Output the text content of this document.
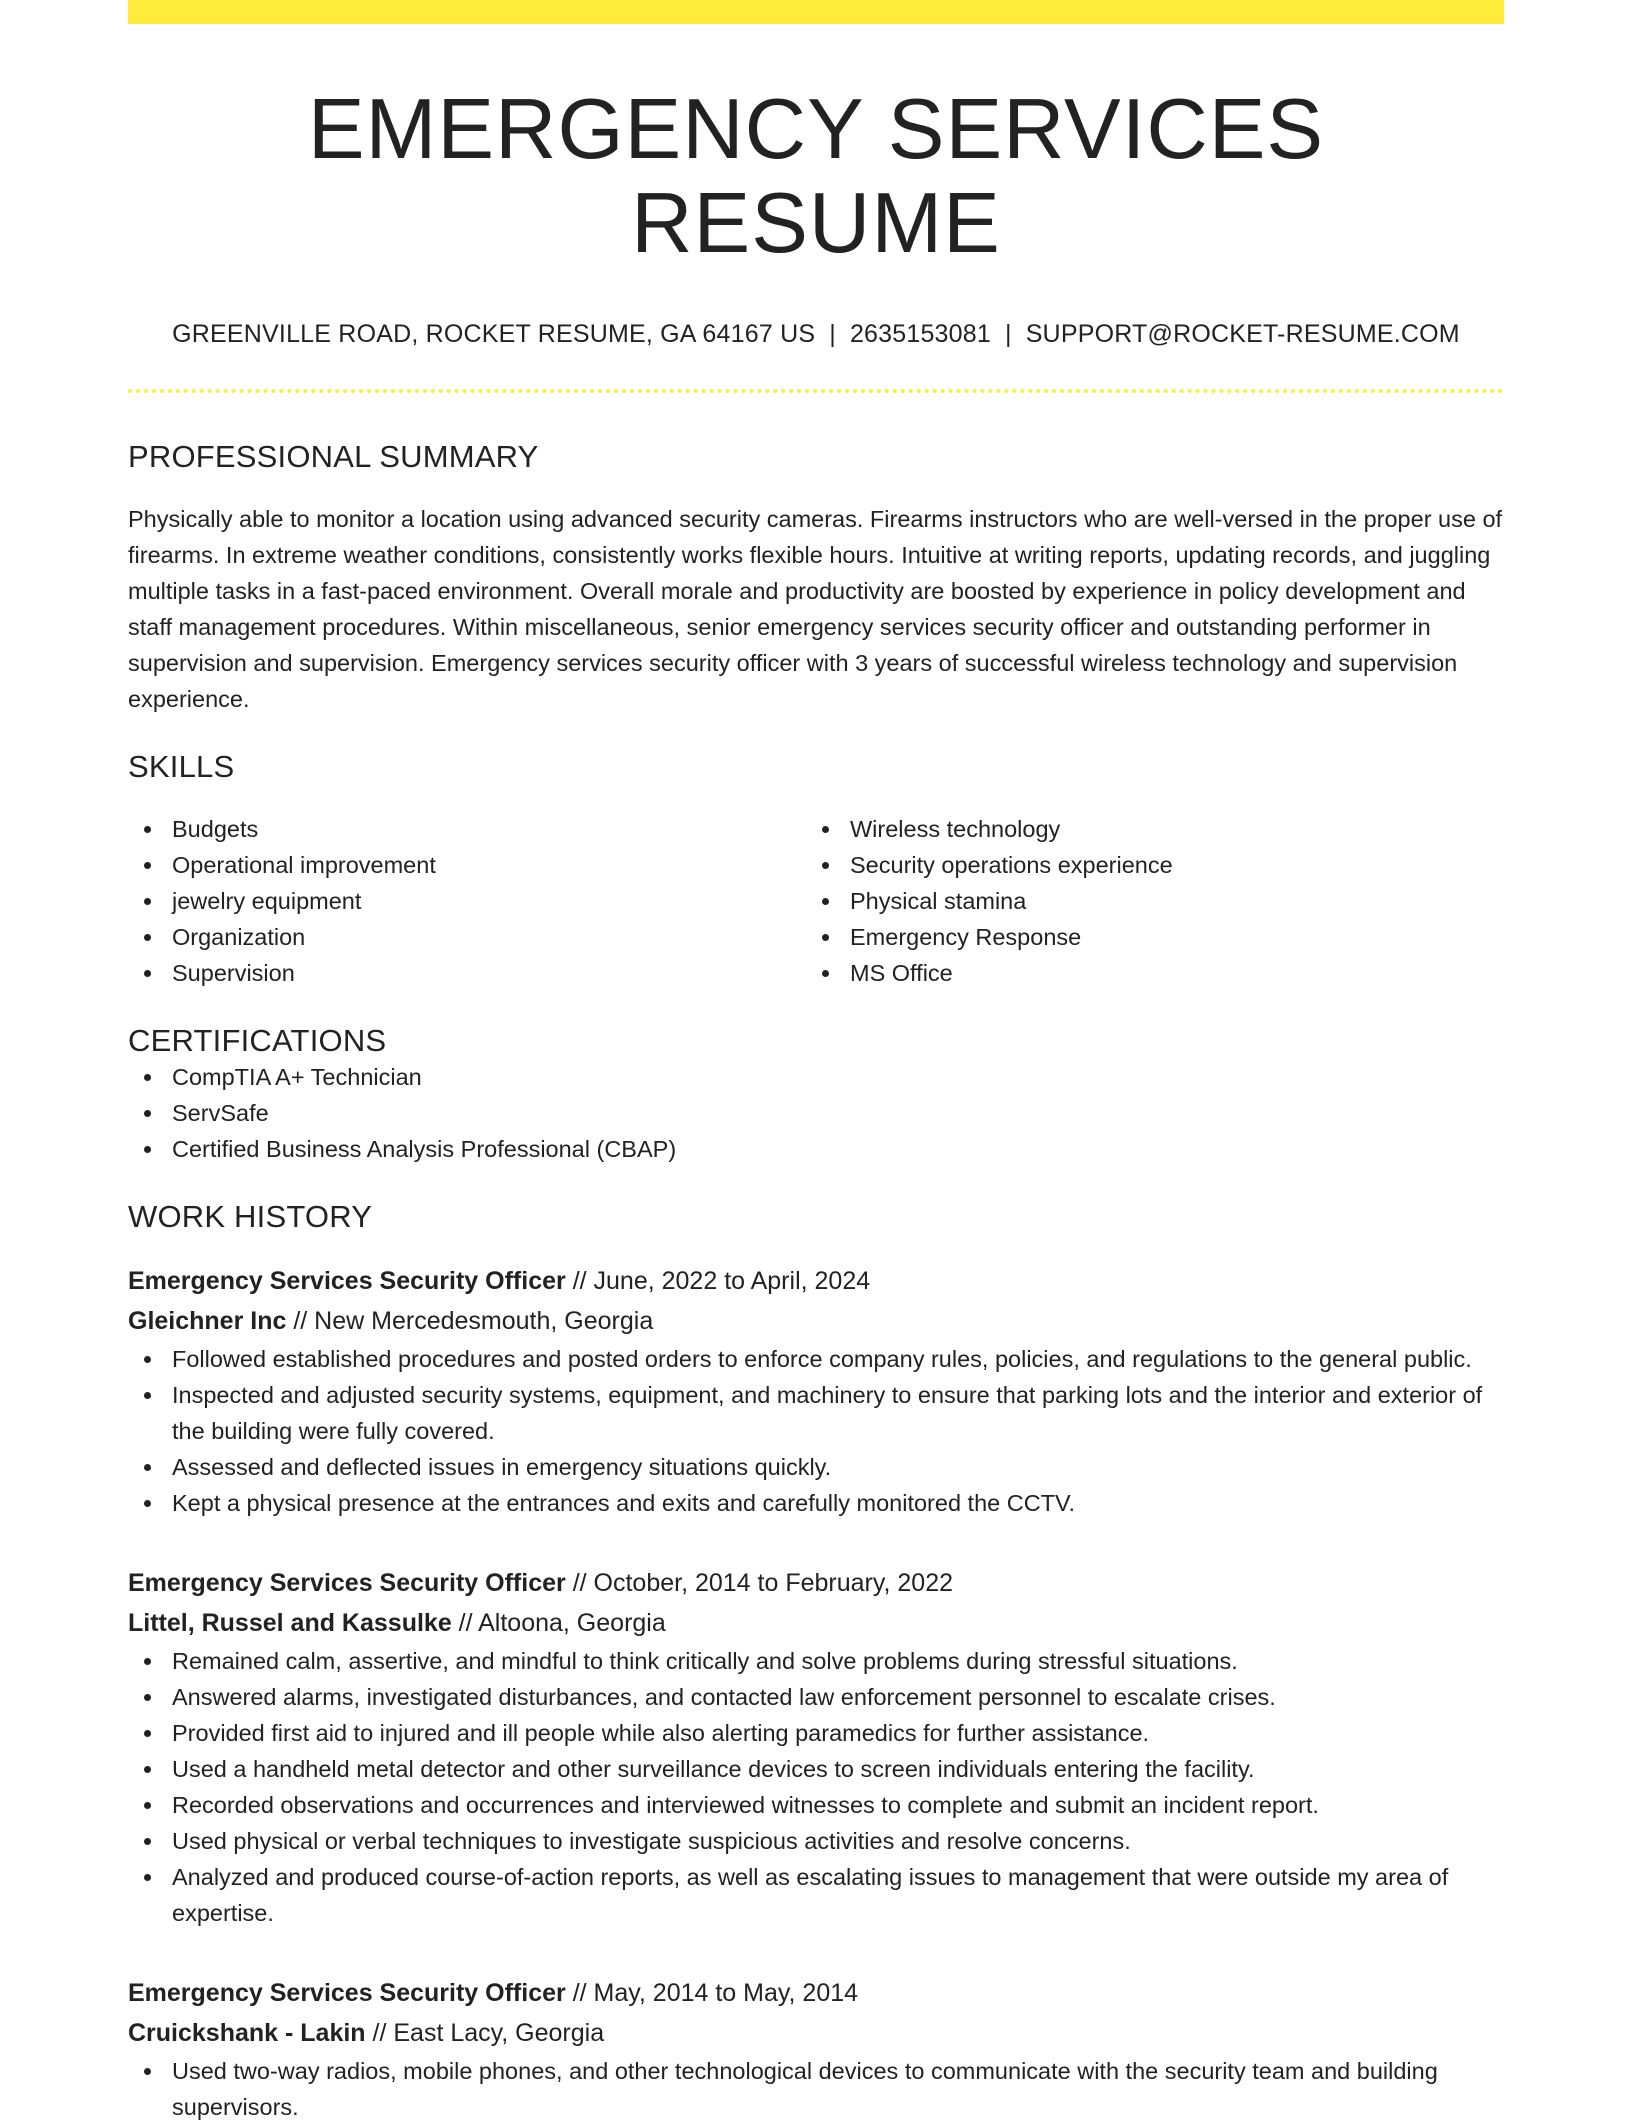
EMERGENCY SERVICES RESUME
GREENVILLE ROAD, ROCKET RESUME, GA 64167 US | 2635153081 | SUPPORT@ROCKET-RESUME.COM
PROFESSIONAL SUMMARY

Physically able to monitor a location using advanced security cameras. Firearms instructors who are well-versed in the proper use of firearms. In extreme weather conditions, consistently works flexible hours. Intuitive at writing reports, updating records, and juggling multiple tasks in a fast-paced environment. Overall morale and productivity are boosted by experience in policy development and staff management procedures. Within miscellaneous, senior emergency services security officer and outstanding performer in supervision and supervision. Emergency services security officer with 3 years of successful wireless technology and supervision experience.

SKILLS
Budgets
Operational improvement
jewelry equipment
Organization
Supervision
Wireless technology
Security operations experience
Physical stamina
Emergency Response
MS Office
CERTIFICATIONS
CompTIA A+ Technician
ServSafe
Certified Business Analysis Professional (CBAP)
WORK HISTORY
Emergency Services Security Officer // June, 2022 to April, 2024
Gleichner Inc // New Mercedesmouth, Georgia
Followed established procedures and posted orders to enforce company rules, policies, and regulations to the general public.
Inspected and adjusted security systems, equipment, and machinery to ensure that parking lots and the interior and exterior of the building were fully covered.
Assessed and deflected issues in emergency situations quickly.
Kept a physical presence at the entrances and exits and carefully monitored the CCTV.
Emergency Services Security Officer // October, 2014 to February, 2022
Littel, Russel and Kassulke // Altoona, Georgia
Remained calm, assertive, and mindful to think critically and solve problems during stressful situations.
Answered alarms, investigated disturbances, and contacted law enforcement personnel to escalate crises.
Provided first aid to injured and ill people while also alerting paramedics for further assistance.
Used a handheld metal detector and other surveillance devices to screen individuals entering the facility.
Recorded observations and occurrences and interviewed witnesses to complete and submit an incident report.
Used physical or verbal techniques to investigate suspicious activities and resolve concerns.
Analyzed and produced course-of-action reports, as well as escalating issues to management that were outside my area of expertise.
Emergency Services Security Officer // May, 2014 to May, 2014
Cruickshank - Lakin // East Lacy, Georgia
Used two-way radios, mobile phones, and other technological devices to communicate with the security team and building supervisors.
